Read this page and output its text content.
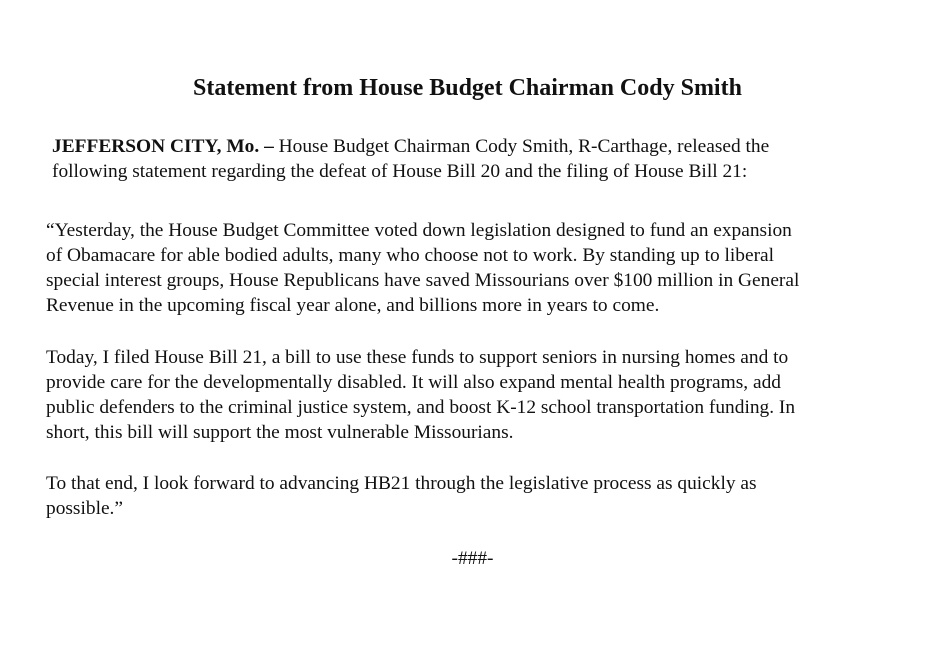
Statement from House Budget Chairman Cody Smith
JEFFERSON CITY, Mo. – House Budget Chairman Cody Smith, R-Carthage, released the
following statement regarding the defeat of House Bill 20 and the filing of House Bill 21:
“Yesterday, the House Budget Committee voted down legislation designed to fund an expansion
of Obamacare for able bodied adults, many who choose not to work. By standing up to liberal
special interest groups, House Republicans have saved Missourians over $100 million in General
Revenue in the upcoming fiscal year alone, and billions more in years to come.
Today, I filed House Bill 21, a bill to use these funds to support seniors in nursing homes and to
provide care for the developmentally disabled. It will also expand mental health programs, add
public defenders to the criminal justice system, and boost K-12 school transportation funding. In
short, this bill will support the most vulnerable Missourians.
To that end, I look forward to advancing HB21 through the legislative process as quickly as
possible.”
-###-
